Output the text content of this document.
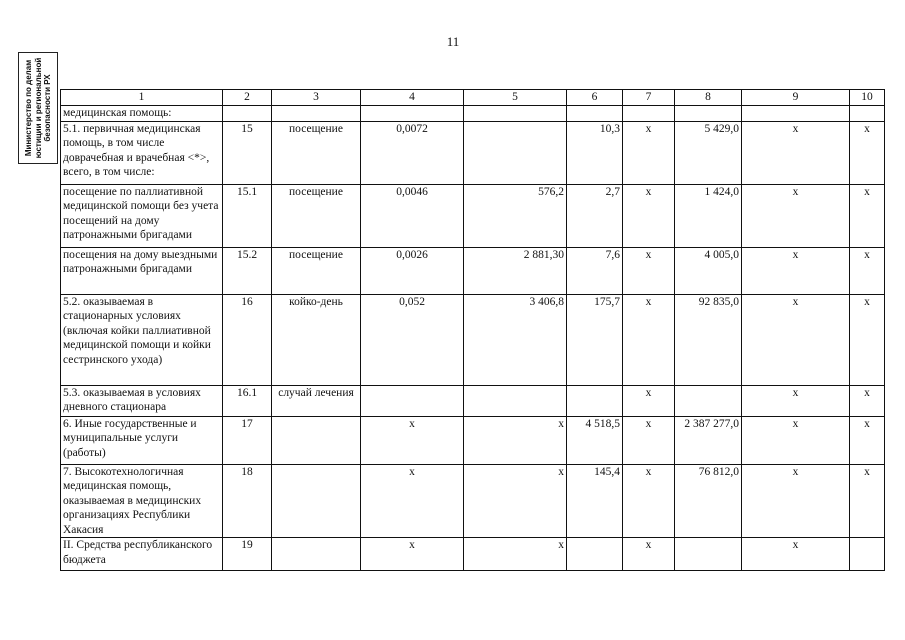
11
Министерство по делам юстиции и региональной безопасности РХ	1	2	3	4	5	6	7	8	9	10
медицинская помощь:									
5.1. первичная медицинская помощь, в том числе доврачебная и врачебная <*>, всего, в том числе:	15	посещение	0,0072		10,3	х	5 429,0	х	х
посещение по паллиативной медицинской помощи без учета посещений на дому патронажными бригадами	15.1	посещение	0,0046	576,2	2,7	х	1 424,0	х	х
посещения на дому выездными патронажными бригадами	15.2	посещение	0,0026	2 881,30	7,6	х	4 005,0	х	х
5.2. оказываемая в стационарных условиях (включая койки паллиативной медицинской помощи и койки сестринского ухода)	16	койко-день	0,052	3 406,8	175,7	х	92 835,0	х	х
5.3. оказываемая в условиях дневного стационара	16.1	случай лечения				х		х	х
6. Иные государственные и муниципальные услуги (работы)	17		х	х	4 518,5	х	2 387 277,0	х	х
7. Высокотехнологичная медицинская помощь, оказываемая в медицинских организациях Республики Хакасия	18		х	х	145,4	х	76 812,0	х	х
II. Средства республиканского бюджета	19		х	х		х		х	
